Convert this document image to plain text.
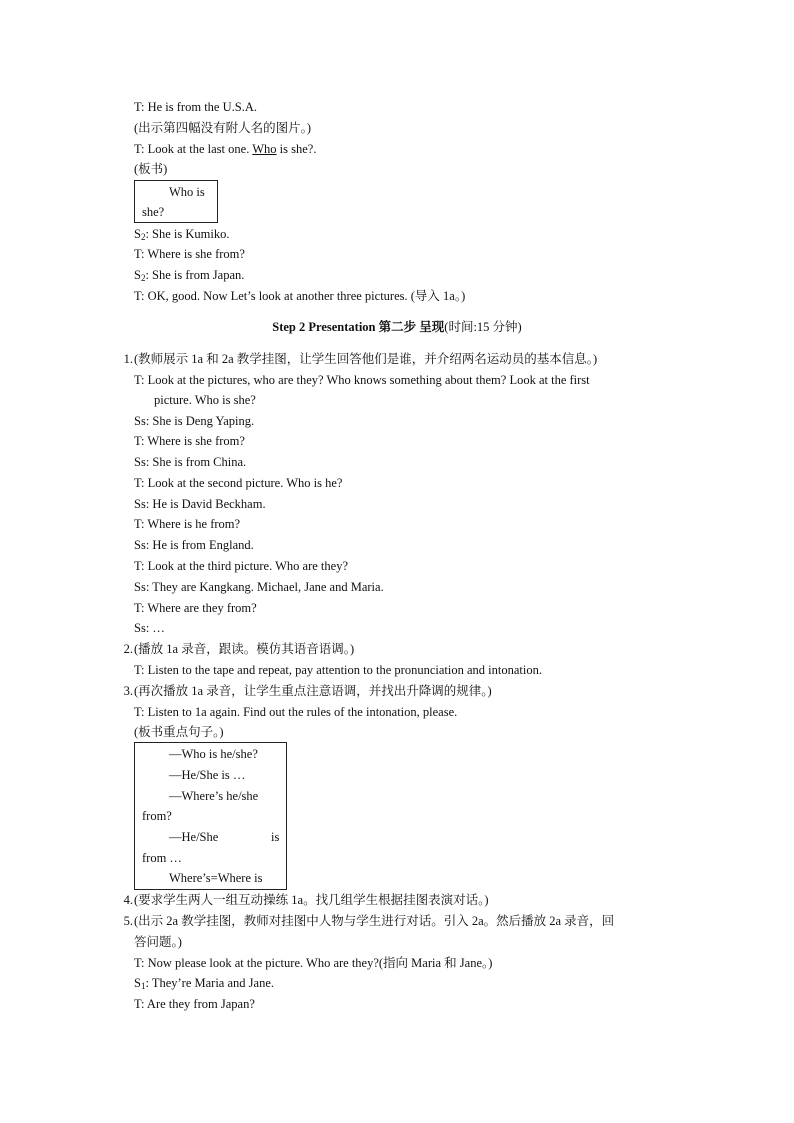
T: He is from the U.S.A.
(出示第四幅没有附人名的图片。)
T: Look at the last one. Who is she?.
(板书)
Who is
she?
$S_2$: She is Kumiko.
T: Where is she from?
$S_2$: She is from Japan.
T: OK, good. Now Let’s look at another three pictures. (导入 1a。)
Step 2 Presentation 第二步 呈现(时间:15 分钟)
1. (教师展示 1a 和 2a 教学挂图，让学生回答他们是谁，并介绍两名运动员的基本信息。)
T: Look at the pictures, who are they? Who knows something about them? Look at the first
picture. Who is she?
Ss: She is Deng Yaping.
T: Where is she from?
Ss: She is from China.
T: Look at the second picture. Who is he?
Ss: He is David Beckham.
T: Where is he from?
Ss: He is from England.
T: Look at the third picture. Who are they?
Ss: They are Kangkang. Michael, Jane and Maria.
T: Where are they from?
Ss: …
2. (播放 1a 录音，跟读。模仿其语音语调。)
T: Listen to the tape and repeat, pay attention to the pronunciation and intonation.
3. (再次播放 1a 录音，让学生重点注意语调，并找出升降调的规律。)
T: Listen to 1a again. Find out the rules of the intonation, please.
(板书重点句子。)
—Who is he/she?
—He/She is …
—Where’s he/she
from?
—He/She	is
from …
Where’s=Where is
4. (要求学生两人一组互动操练 1a。找几组学生根据挂图表演对话。)
5. (出示 2a 教学挂图，教师对挂图中人物与学生进行对话。引入 2a。然后播放 2a 录音，回
答问题。)
T: Now please look at the picture. Who are they?(指向 Maria 和 Jane。)
$S_1$: They’re Maria and Jane.
T: Are they from Japan?
